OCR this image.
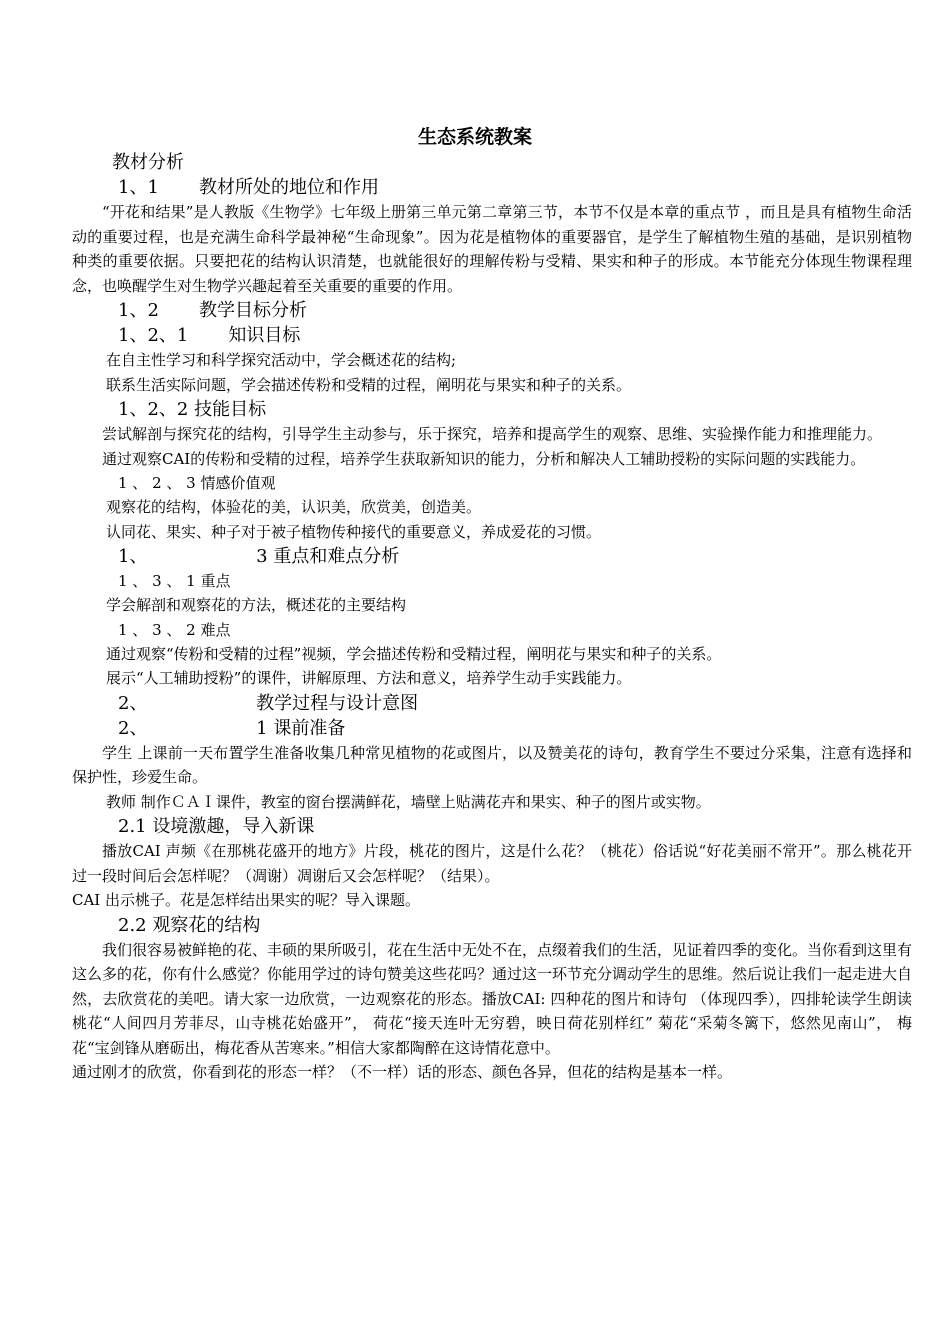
生态系统教案
教材分析
1、1       教材所处的地位和作用
“开花和结果”是人教版《生物学》七年级上册第三单元第二章第三节，本节不仅是本章的重点节 ，而且是具有植物生命活动的重要过程，也是充满生命科学最神秘“生命现象”。因为花是植物体的重要器官，是学生了解植物生殖的基础，是识别植物种类的重要依据。只要把花的结构认识清楚，也就能很好的理解传粉与受精、果实和种子的形成。本节能充分体现生物课程理念，也唤醒学生对生物学兴趣起着至关重要的重要的作用。
1、2       教学目标分析
1、2、1       知识目标
在自主性学习和科学探究活动中，学会概述花的结构;
联系生活实际问题，学会描述传粉和受精的过程，阐明花与果实和种子的关系。
1、2、2 技能目标
尝试解剖与探究花的结构，引导学生主动参与，乐于探究，培养和提高学生的观察、思维、实验操作能力和推理能力。
通过观察CAI的传粉和受精的过程，培养学生获取新知识的能力，分析和解决人工辅助授粉的实际问题的实践能力。
1 、 2 、 3 情感价值观
观察花的结构，体验花的美，认识美，欣赏美，创造美。
认同花、果实、种子对于被子植物传种接代的重要意义，养成爱花的习惯。
1、                   3 重点和难点分析
1 、 3 、 1 重点
学会解剖和观察花的方法，概述花的主要结构
1 、 3 、 2 难点
通过观察“传粉和受精的过程”视频，学会描述传粉和受精过程，阐明花与果实和种子的关系。
展示“人工辅助授粉”的课件，讲解原理、方法和意义，培养学生动手实践能力。
2、                   教学过程与设计意图
2、                   1 课前准备
学生 上课前一天布置学生准备收集几种常见植物的花或图片，以及赞美花的诗句，教育学生不要过分采集，注意有选择和保护性，珍爱生命。
教师 制作ＣＡＩ课件，教室的窗台摆满鲜花，墙壁上贴满花卉和果实、种子的图片或实物。
2.1 设境激趣，导入新课
播放CAI 声频《在那桃花盛开的地方》片段，桃花的图片，这是什么花？（桃花）俗话说“好花美丽不常开”。那么桃花开过一段时间后会怎样呢？（凋谢）凋谢后又会怎样呢？（结果）。
CAI 出示桃子。花是怎样结出果实的呢？导入课题。
2.2 观察花的结构
我们很容易被鲜艳的花、丰硕的果所吸引，花在生活中无处不在，点缀着我们的生活，见证着四季的变化。当你看到这里有这么多的花，你有什么感觉？你能用学过的诗句赞美这些花吗？通过这一环节充分调动学生的思维。然后说让我们一起走进大自然，去欣赏花的美吧。请大家一边欣赏，一边观察花的形态。播放CAI: 四种花的图片和诗句 （体现四季），四排轮读学生朗读桃花“人间四月芳菲尽，山寺桃花始盛开”， 荷花“接天连叶无穷碧，映日荷花别样红” 菊花“采菊冬篱下，悠然见南山”， 梅花“宝剑锋从磨砺出，梅花香从苦寒来。”相信大家都陶醉在这诗情花意中。
通过刚才的欣赏，你看到花的形态一样？（不一样）话的形态、颜色各异，但花的结构是基本一样。
